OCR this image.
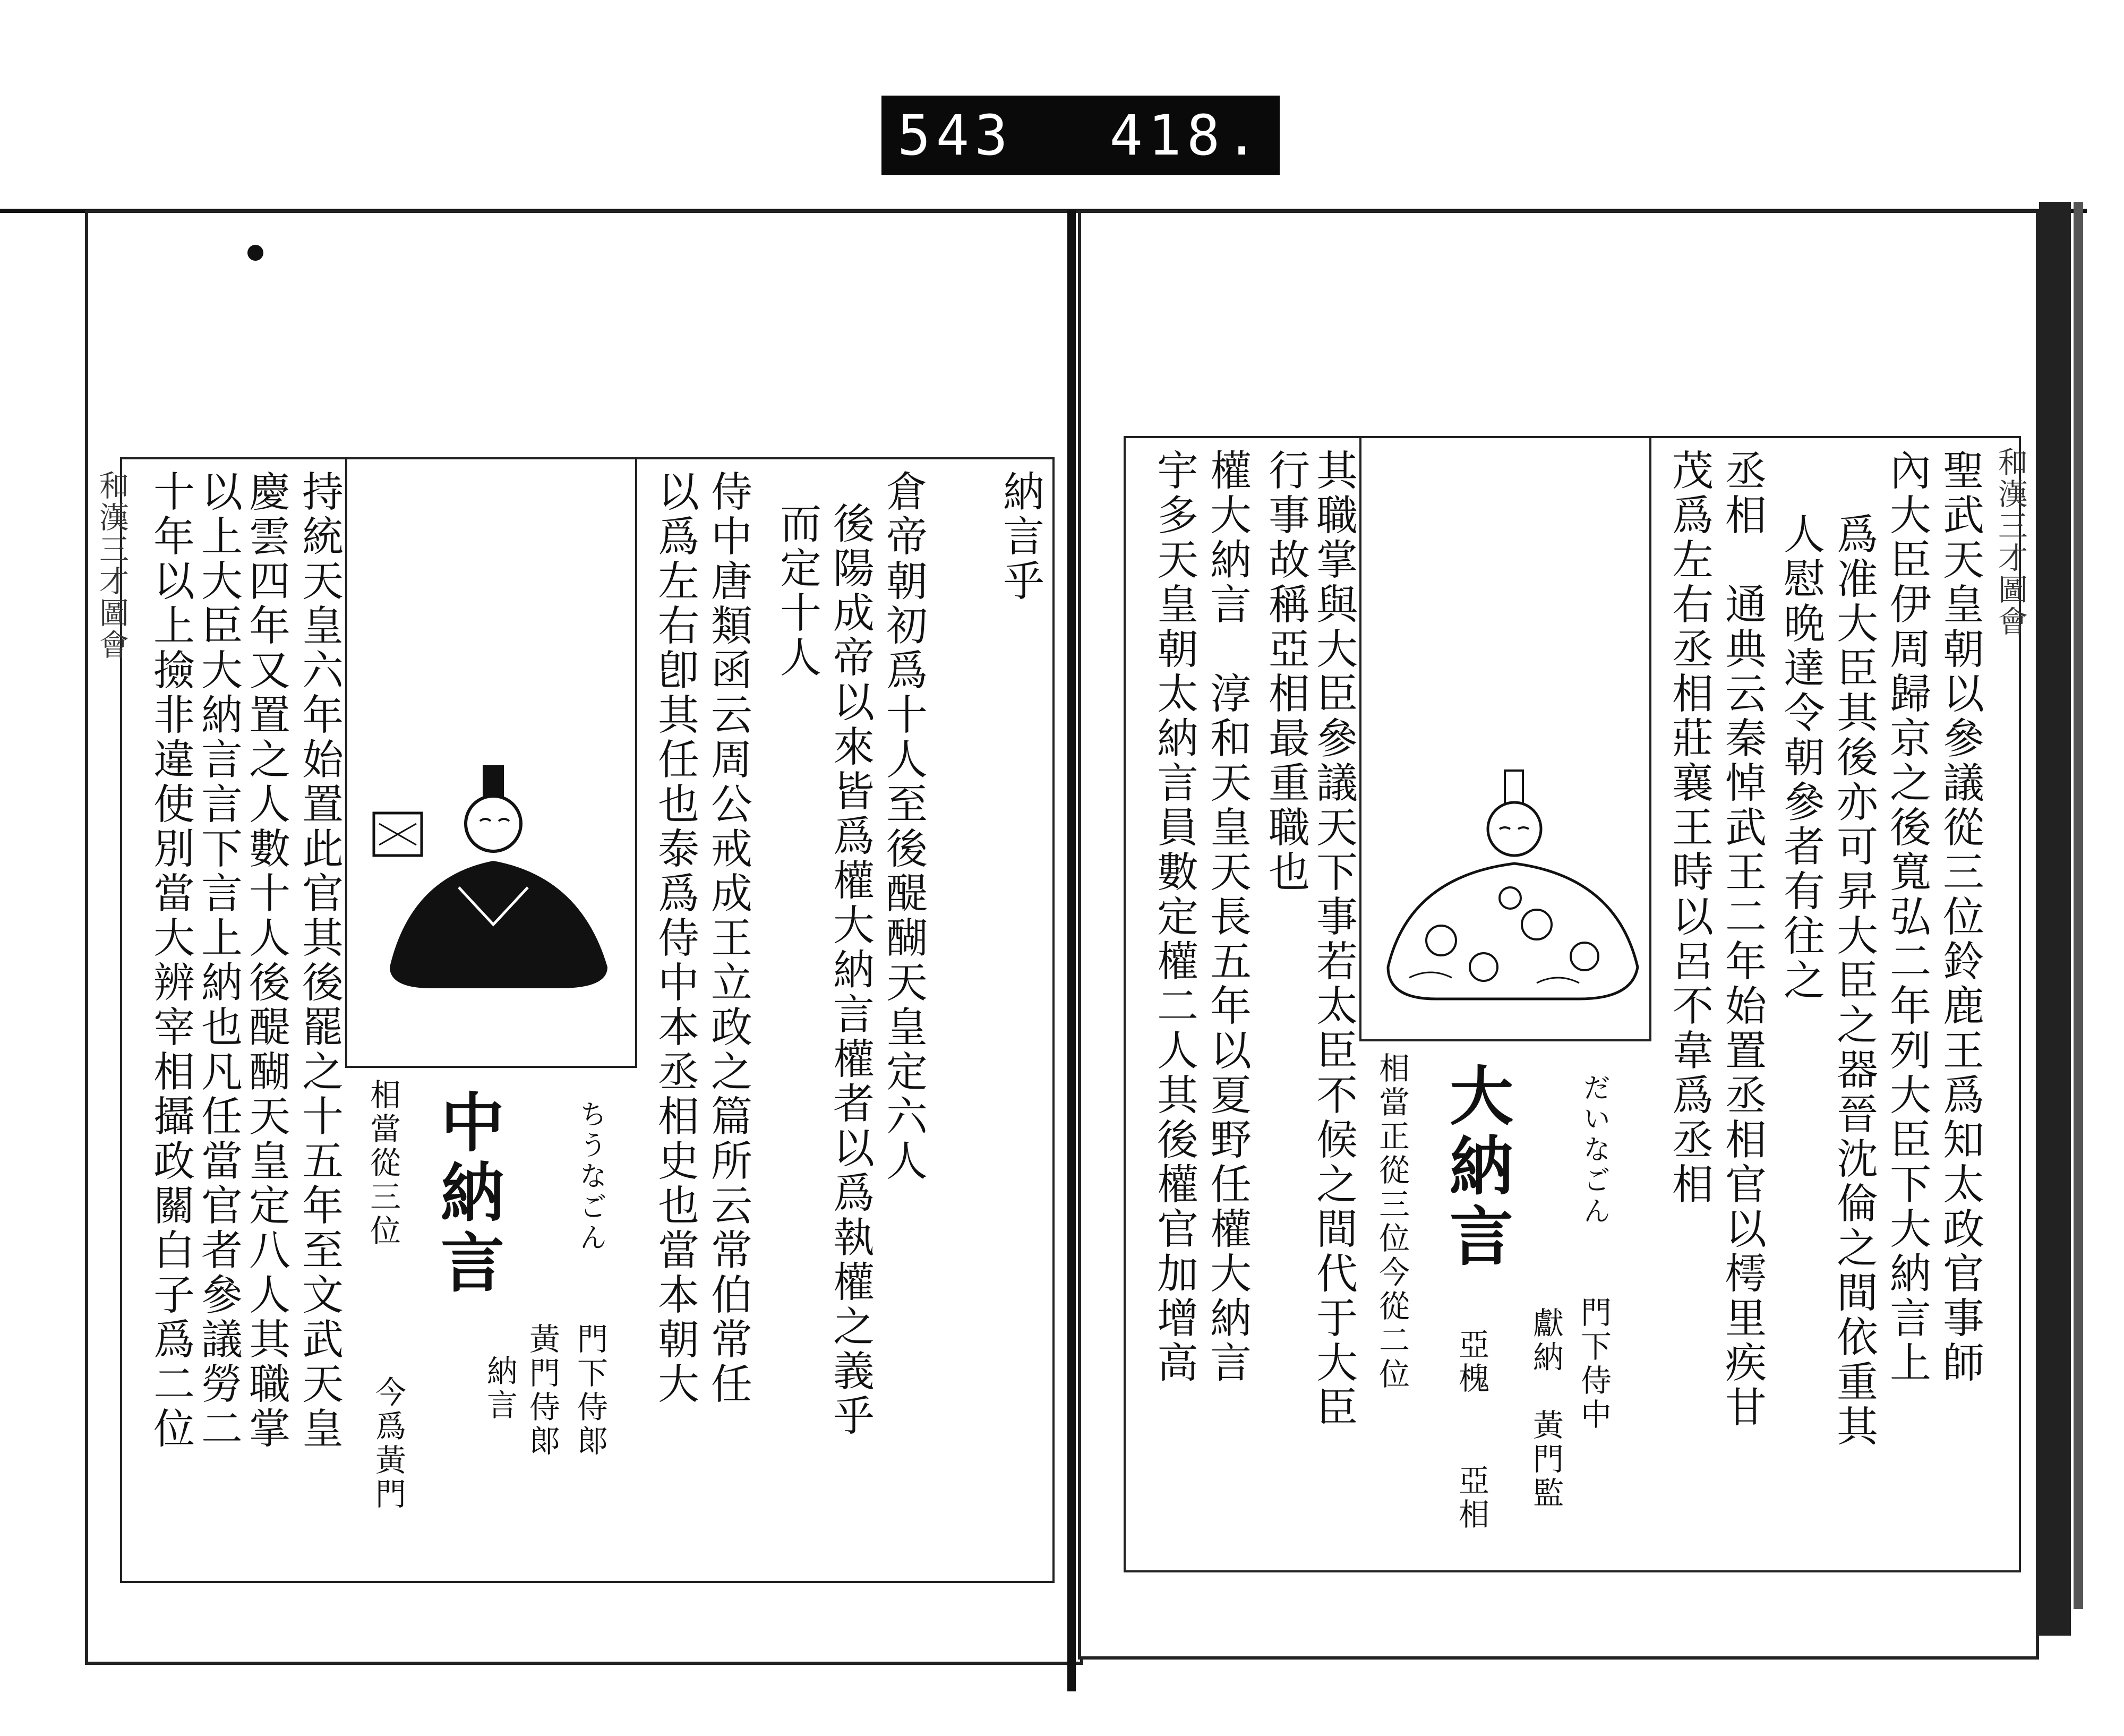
543 418.
和漢三才圖會 十年以上撿非違使別當大辨宰相攝政關白子爲二位 以上大臣大納言言下言上納也凡任當官者參議勞二 慶雲四年又置之人數十人後醍醐天皇定八人其職掌 持統天皇六年始置此官其後罷之十五年至文武天皇 相當從三位
今爲黃門
中納言
納言 黃門侍郞 門下侍郞
ちうなごん 以爲左右卽其任也泰爲侍中本丞相史也當本朝大 侍中唐類函云周公戒成王立政之篇所云常伯常任 而定十人 後陽成帝以來皆爲權大納言權者以爲執權之義乎 倉帝朝初爲十人至後醍醐天皇定六人 納言乎	宇多天皇朝太納言員數定權二人其後權官加增高 權大納言　淳和天皇天長五年以夏野任權大納言 行事故稱亞相最重職也 其職掌與大臣參議天下事若太臣不候之間代于大臣 相當正從三位今從二位 大納言
亞槐　　亞相 獻納　黃門監 門下侍中
だいなごん 茂爲左右丞相莊襄王時以呂不韋爲丞相 丞相　通典云秦悼武王二年始置丞相官以樗里疾甘 人慰晩達令朝參者有往之 爲准大臣其後亦可昇大臣之器晉沈倫之間依重其 內大臣伊周歸京之後寬弘二年列大臣下大納言上 聖武天皇朝以參議從三位鈴鹿王爲知太政官事師 和漢三才圖會
